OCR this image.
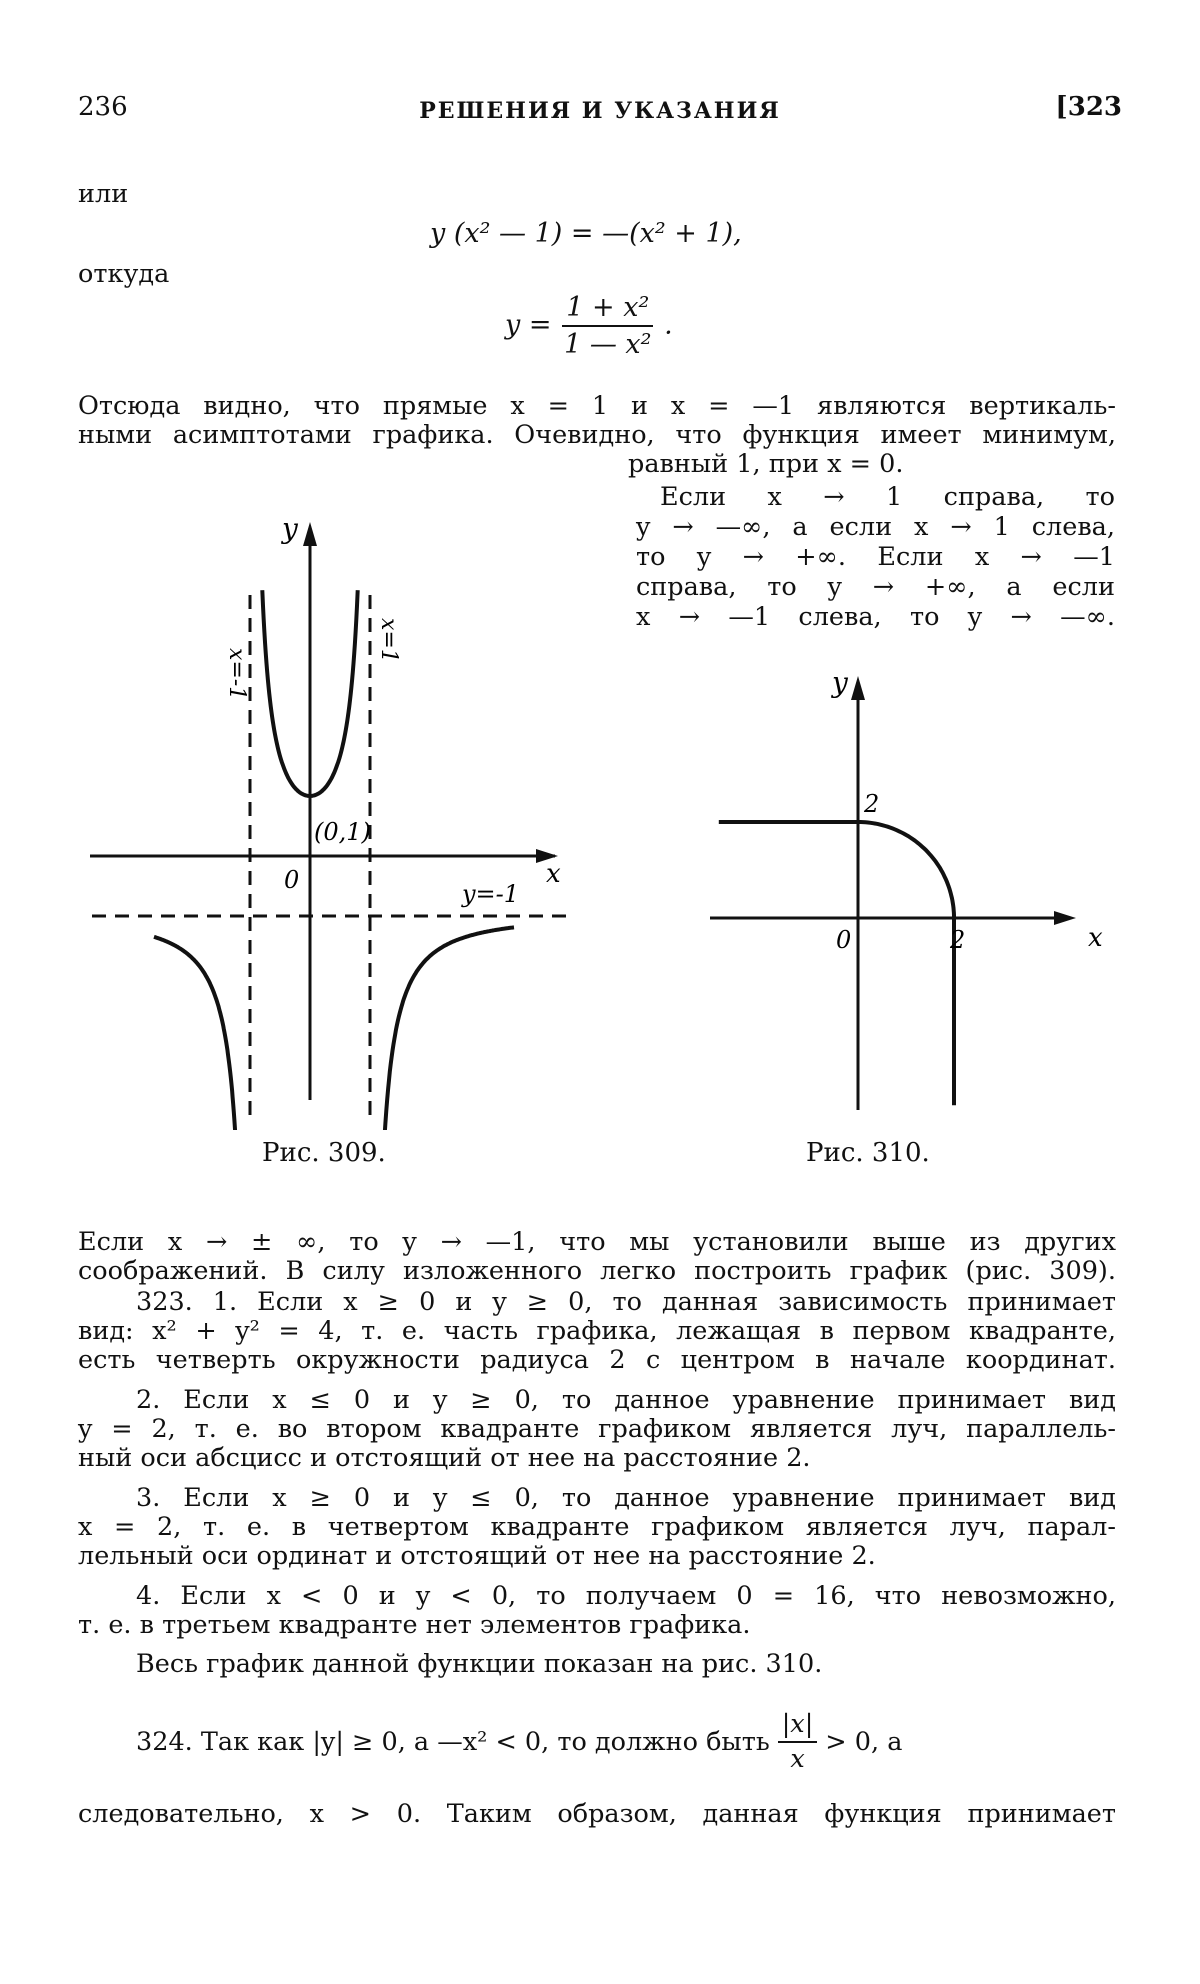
236	РЕШЕНИЯ И УКАЗАНИЯ	[323
или
y (x² — 1) = —(x² + 1),
откуда
$y = \frac{\text{1 + x²}}{\text{1 — x²}}$ .
Отсюда видно, что прямые x = 1 и x = —1 являются вертикаль-
ными асимптотами графика. Очевидно, что функция имеет минимум,
равный 1, при x = 0.
Если x → 1 справа, то
y → —∞, а если x → 1 слева,
то y → +∞. Если x → —1
справа, то y → +∞, а если
x → —1 слева, то y → —∞.
y
x
0
(0,1)
x=-1
x=1
y=-1
Рис. 309.
y
x
0
2
2
Рис. 310.
Если x → ± ∞, то y → —1, что мы установили выше из других
соображений. В силу изложенного легко построить график (рис. 309).
323. 1. Если x ≥ 0 и y ≥ 0, то данная зависимость принимает
вид: x² + y² = 4, т. е. часть графика, лежащая в первом квадранте,
есть четверть окружности радиуса 2 с центром в начале координат.
2. Если x ≤ 0 и y ≥ 0, то данное уравнение принимает вид
y = 2, т. е. во втором квадранте графиком является луч, параллель-
ный оси абсцисс и отстоящий от нее на расстояние 2.
3. Если x ≥ 0 и y ≤ 0, то данное уравнение принимает вид
x = 2, т. е. в четвертом квадранте графиком является луч, парал-
лельный оси ординат и отстоящий от нее на расстояние 2.
4. Если x < 0 и y < 0, то получаем 0 = 16, что невозможно,
т. е. в третьем квадранте нет элементов графика.
Весь график данной функции показан на рис. 310.
324. Так как |y| ≥ 0, а —x² < 0, то должно быть $\frac{|x|}{x} > 0$, а
следовательно, x > 0. Таким образом, данная функция принимает
